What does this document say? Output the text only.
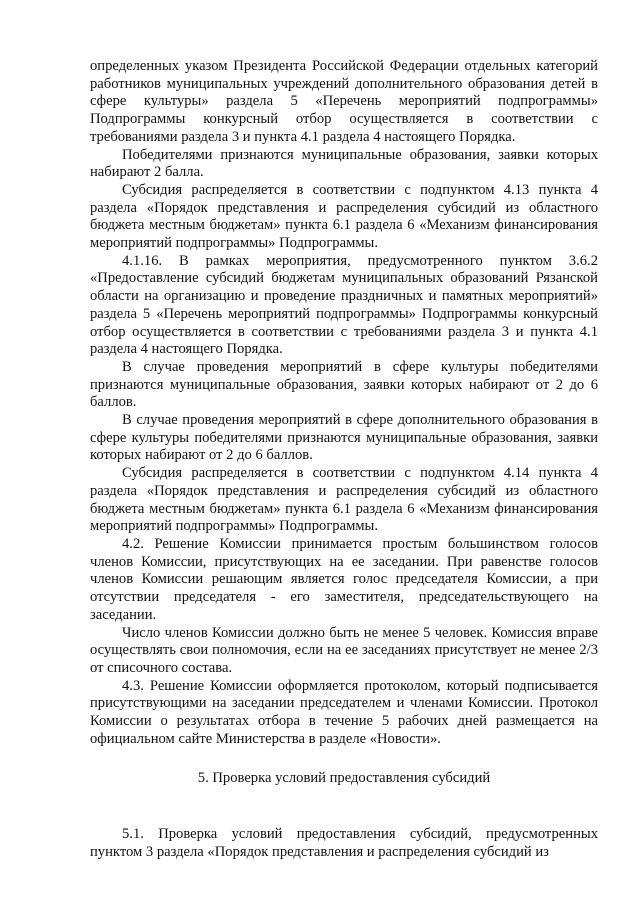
определенных указом Президента Российской Федерации отдельных категорий работников муниципальных учреждений дополнительного образования детей в сфере культуры» раздела 5 «Перечень мероприятий подпрограммы» Подпрограммы конкурсный отбор осуществляется в соответствии с требованиями раздела 3 и пункта 4.1 раздела 4 настоящего Порядка.

Победителями признаются муниципальные образования, заявки которых набирают 2 балла.

Субсидия распределяется в соответствии с подпунктом 4.13 пункта 4 раздела «Порядок представления и распределения субсидий из областного бюджета местным бюджетам» пункта 6.1 раздела 6 «Механизм финансирования мероприятий подпрограммы» Подпрограммы.

4.1.16. В рамках мероприятия, предусмотренного пунктом 3.6.2 «Предоставление субсидий бюджетам муниципальных образований Рязанской области на организацию и проведение праздничных и памятных мероприятий» раздела 5 «Перечень мероприятий подпрограммы» Подпрограммы конкурсный отбор осуществляется в соответствии с требованиями раздела 3 и пункта 4.1 раздела 4 настоящего Порядка.

В случае проведения мероприятий в сфере культуры победителями признаются муниципальные образования, заявки которых набирают от 2 до 6 баллов.

В случае проведения мероприятий в сфере дополнительного образования в сфере культуры победителями признаются муниципальные образования, заявки которых набирают от 2 до 6 баллов.

Субсидия распределяется в соответствии с подпунктом 4.14 пункта 4 раздела «Порядок представления и распределения субсидий из областного бюджета местным бюджетам» пункта 6.1 раздела 6 «Механизм финансирования мероприятий подпрограммы» Подпрограммы.

4.2. Решение Комиссии принимается простым большинством голосов членов Комиссии, присутствующих на ее заседании. При равенстве голосов членов Комиссии решающим является голос председателя Комиссии, а при отсутствии председателя - его заместителя, председательствующего на заседании.

Число членов Комиссии должно быть не менее 5 человек. Комиссия вправе осуществлять свои полномочия, если на ее заседаниях присутствует не менее 2/3 от списочного состава.

4.3. Решение Комиссии оформляется протоколом, который подписывается присутствующими на заседании председателем и членами Комиссии. Протокол Комиссии о результатах отбора в течение 5 рабочих дней размещается на официальном сайте Министерства в разделе «Новости».

5. Проверка условий предоставления субсидий

5.1. Проверка условий предоставления субсидий, предусмотренных пунктом 3 раздела «Порядок представления и распределения субсидий из
